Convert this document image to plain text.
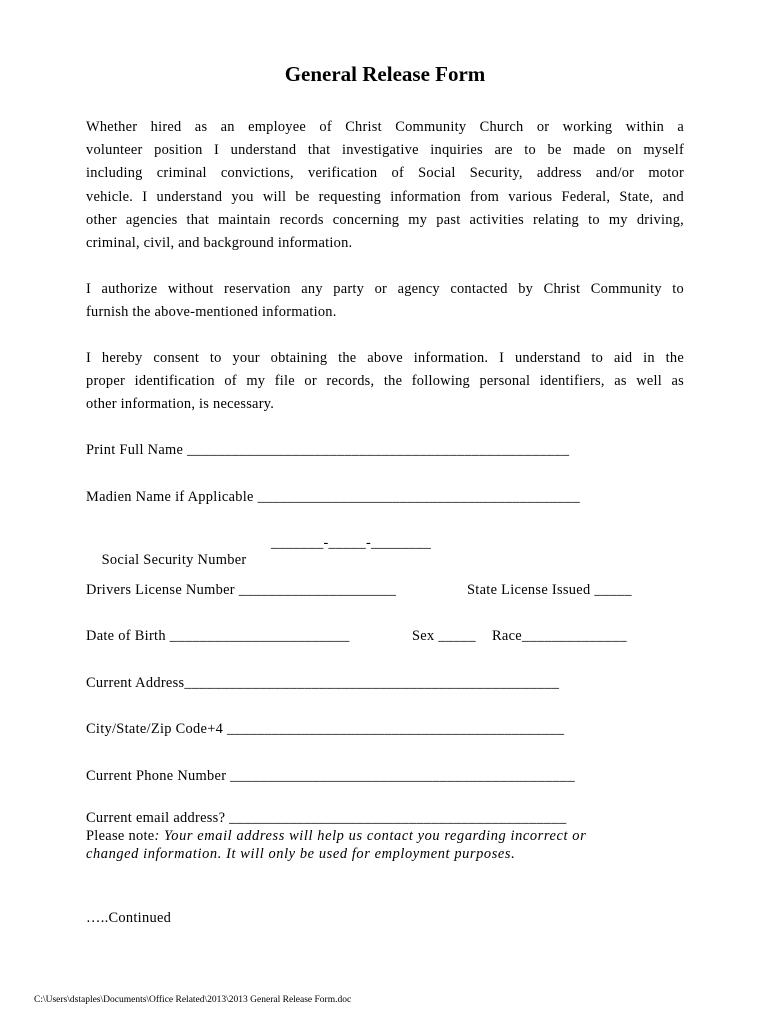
General Release Form
Whether hired as an employee of Christ Community Church or working within a
volunteer position I understand that investigative inquiries are to be made on myself
including criminal convictions, verification of Social Security, address and/or motor
vehicle. I understand you will be requesting information from various Federal, State, and
other agencies that maintain records concerning my past activities relating to my driving,
criminal, civil, and background information.
I authorize without reservation any party or agency contacted by Christ Community to
furnish the above-mentioned information.
I hereby consent to your obtaining the above information. I understand to aid in the
proper identification of my file or records, the following personal identifiers, as well as
other information, is necessary.
Print Full Name ___________________________________________________
Madien Name if Applicable ___________________________________________

Social Security Number

_______-_____-________
Drivers License Number _____________________	State License Issued _____
Date of Birth ________________________	Sex _____ Race______________
Current Address__________________________________________________
City/State/Zip Code+4 _____________________________________________
Current Phone Number ______________________________________________
Current email address? _____________________________________________
Please note: Your email address will help us contact you regarding incorrect or
changed information. It will only be used for employment purposes.
…..Continued
C:\Users\dstaples\Documents\Office Related\2013\2013 General Release Form.doc
